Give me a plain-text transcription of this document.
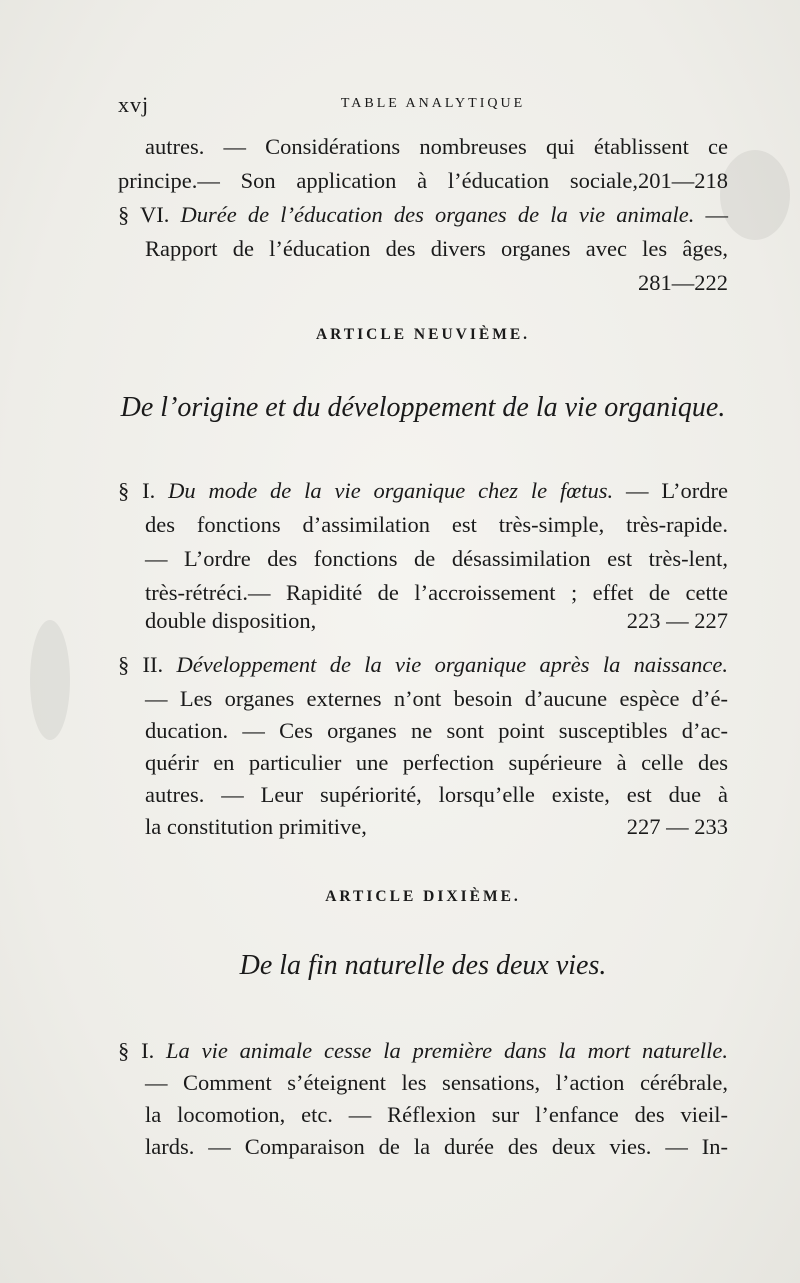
xvj	TABLE ANALYTIQUE
autres. — Considérations nombreuses qui établissent ce
principe.— Son application à l’éducation sociale,201—218
§ VI. Durée de l’éducation des organes de la vie animale. —
Rapport de l’éducation des divers organes avec les âges,
281—222
ARTICLE NEUVIÈME.
De l’origine et du développement de la vie organique.
§ I. Du mode de la vie organique chez le fœtus. — L’ordre
des fonctions d’assimilation est très-simple, très-rapide.
— L’ordre des fonctions de désassimilation est très-lent,
très-rétréci.— Rapidité de l’accroissement ; effet de cette
double disposition,	223 — 227
§ II. Développement de la vie organique après la naissance.
— Les organes externes n’ont besoin d’aucune espèce d’é-
ducation. — Ces organes ne sont point susceptibles d’ac-
quérir en particulier une perfection supérieure à celle des
autres. — Leur supériorité, lorsqu’elle existe, est due à
la constitution primitive,	227 — 233
ARTICLE DIXIÈME.
De la fin naturelle des deux vies.
§ I. La vie animale cesse la première dans la mort naturelle.
— Comment s’éteignent les sensations, l’action cérébrale,
la locomotion, etc. — Réflexion sur l’enfance des vieil-
lards. — Comparaison de la durée des deux vies. — In-
